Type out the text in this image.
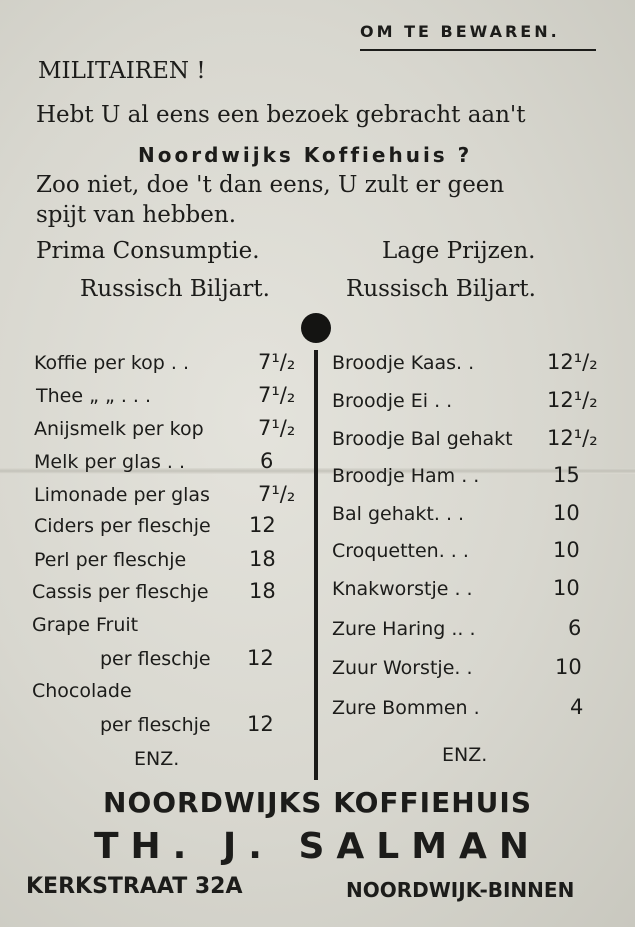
OM TE BEWAREN.
MILITAIREN !
Hebt U al eens een bezoek gebracht aan't
Noordwijks Koffiehuis ?
Zoo niet, doe 't dan eens, U zult er geen
spijt van hebben.
Prima Consumptie.
Russisch Biljart.
Lage Prijzen.
Russisch Biljart.
Koffie per kop . .	7¹/₂
Thee „ „ . . .	7¹/₂
Anijsmelk per kop	7¹/₂
Melk per glas . .	6
Limonade per glas 7¹/₂
Ciders per fleschje 12
Perl per fleschje	18
Cassis per fleschje 18
Grape Fruit
per fleschje 12
Chocolade
per fleschje 12
ENZ.
Broodje Kaas. .	12¹/₂
Broodje Ei . .	12¹/₂
Broodje Bal gehakt 12¹/₂
Broodje Ham . .	15
Bal gehakt. . .	10
Croquetten. . .	10
Knakworstje . .	10
Zure Haring .. .	6
Zuur Worstje. .	10
Zure Bommen .	4
ENZ.
NOORDWIJKS KOFFIEHUIS
TH. J. SALMAN
KERKSTRAAT 32A	NOORDWIJK-BINNEN
